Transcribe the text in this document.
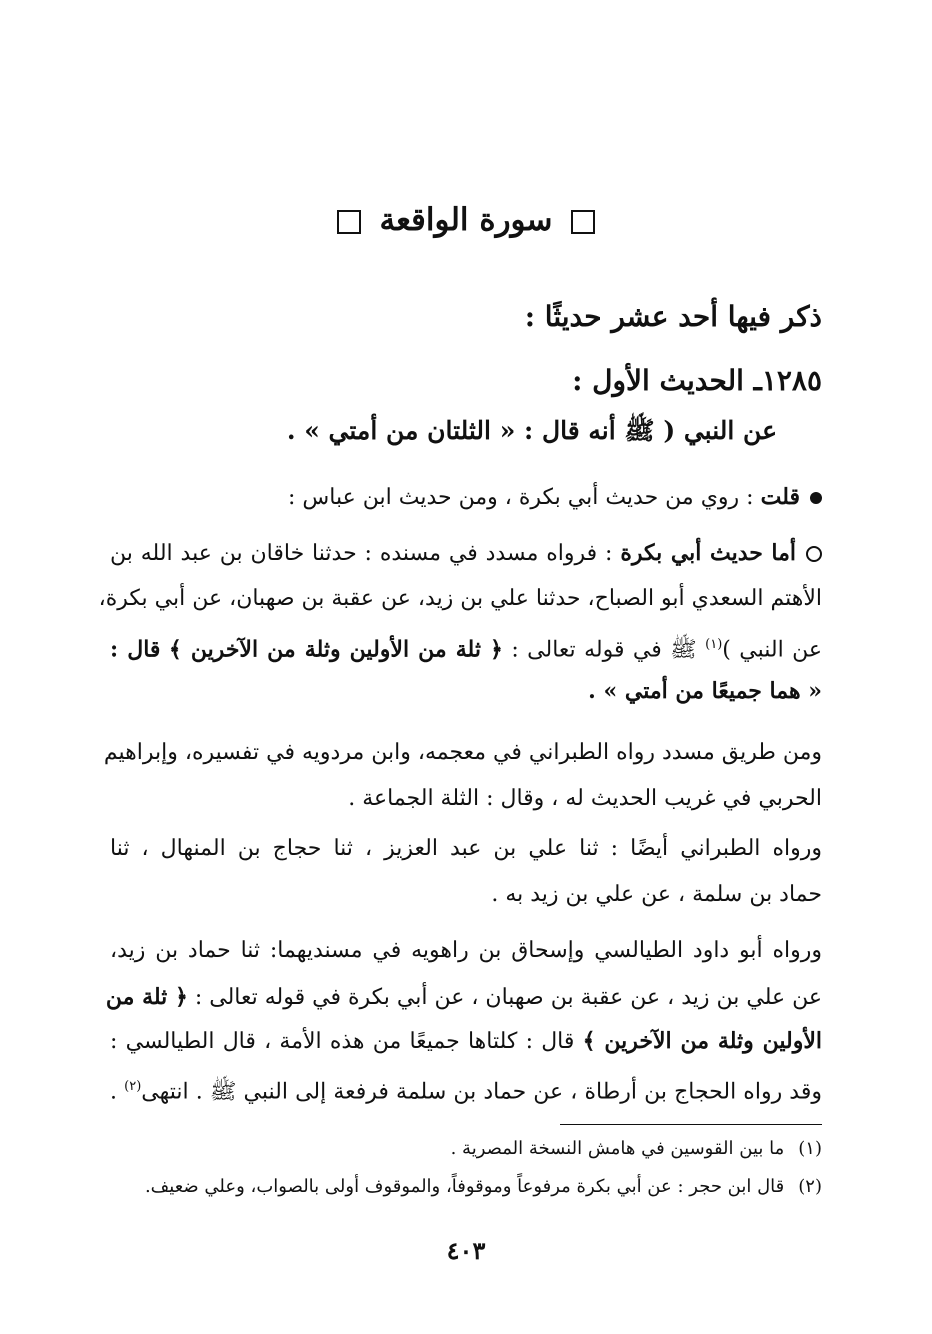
سورة الواقعة
ذكر فيها أحد عشر حديثًا :
١٢٨٥ـ الحديث الأول :
عن النبي ( ﷺ أنه قال : « الثلتان من أمتي » .
قلت : روي من حديث أبي بكرة ، ومن حديث ابن عباس :
أما حديث أبي بكرة : فرواه مسدد في مسنده : حدثنا خاقان بن عبد الله بن
الأهتم السعدي أبو الصباح، حدثنا علي بن زيد، عن عقبة بن صهبان، عن أبي بكرة،
عن النبي )$^{(١)}$ ﷺ في قوله تعالى : ﴿ ثلة من الأولين وثلة من الآخرين ﴾ قال :
« هما جميعًا من أمتي » .
ومن طريق مسدد رواه الطبراني في معجمه، وابن مردويه في تفسيره، وإبراهيم
الحربي في غريب الحديث له ، وقال : الثلة الجماعة .
ورواه الطبراني أيضًا : ثنا علي بن عبد العزيز ، ثنا حجاج بن المنهال ، ثنا
حماد بن سلمة ، عن علي بن زيد به .
ورواه أبو داود الطيالسي وإسحاق بن راهويه في مسنديهما: ثنا حماد بن زيد،
عن علي بن زيد ، عن عقبة بن صهبان ، عن أبي بكرة في قوله تعالى : ﴿ ثلة من
الأولين وثلة من الآخرين ﴾ قال : كلتاها جميعًا من هذه الأمة ، قال الطيالسي :
وقد رواه الحجاج بن أرطاة ، عن حماد بن سلمة فرفعة إلى النبي ﷺ . انتهى$^{(٢)}$ .
(١)ما بين القوسين في هامش النسخة المصرية .
(٢)قال ابن حجر : عن أبي بكرة مرفوعاً وموقوفاً، والموقوف أولى بالصواب، وعلي ضعيف.
٤٠٣
